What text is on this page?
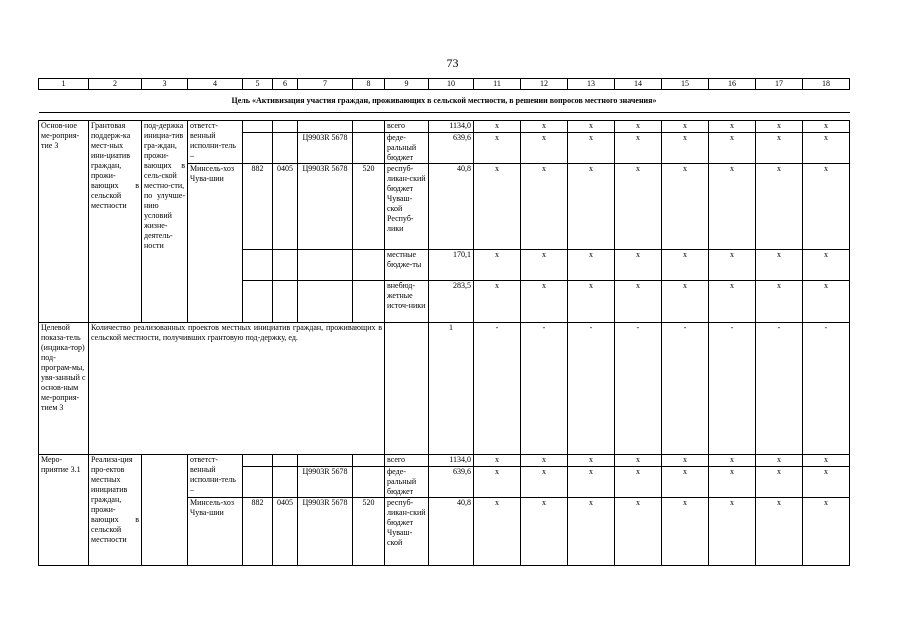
73
1	2	3	4	5	6	7	8	9	10	11	12	13	14	15	16	17	18
Цель «Активизация участия граждан, проживающих в сельской местности, в решении вопросов местного значения»																	

Основ-ное ме-роприя-тие 3	Грантовая поддерж-ка мест-ных ини-циатив граждан, прожи-вающих в сельской местности	под-держка инициа-тив гра-ждан, прожи-вающих в сель-ской местно-сти, по улучше-нию условий жизне-деятель-ности	ответст-венный исполни-тель –					всего	1134,0	х	х	х	х	х	х	х	х
						Ц9903R 5678		феде-ральный бюджет	639,6	х	х	х	х	х	х	х	х
			Минсель-хоз Чува-шии	882	0405	Ц9903R 5678	520	респуб-ликан-ский бюджет Чуваш-ской Респуб-лики	40,8	х	х	х	х	х	х	х	х
								местные бюдже-ты	170,1	х	х	х	х	х	х	х	х
								внебюд-жетные источ-ники	283,5	х	х	х	х	х	х	х	х
Целевой показа-тель (индика-тор) под-програм-мы, увя-занный с основ-ным ме-роприя-тием 3	Количество реализованных проектов местных инициатив граждан, проживающих в сельской местности, получивших грантовую под-держку, ед.								1	-	-	-	-	-	-	-	-
Меро-приятие 3.1	Реализа-ция про-ектов местных инициатив граждан, прожи-вающих в сельской местности		ответст-венный исполни-тель –					всего	1134,0	х	х	х	х	х	х	х	х
						Ц9903R 5678		феде-ральный бюджет	639,6	х	х	х	х	х	х	х	х
			Минсель-хоз Чува-шии	882	0405	Ц9903R 5678	520	респуб-ликан-ский бюджет Чуваш-ской	40,8	х	х	х	х	х	х	х	х
